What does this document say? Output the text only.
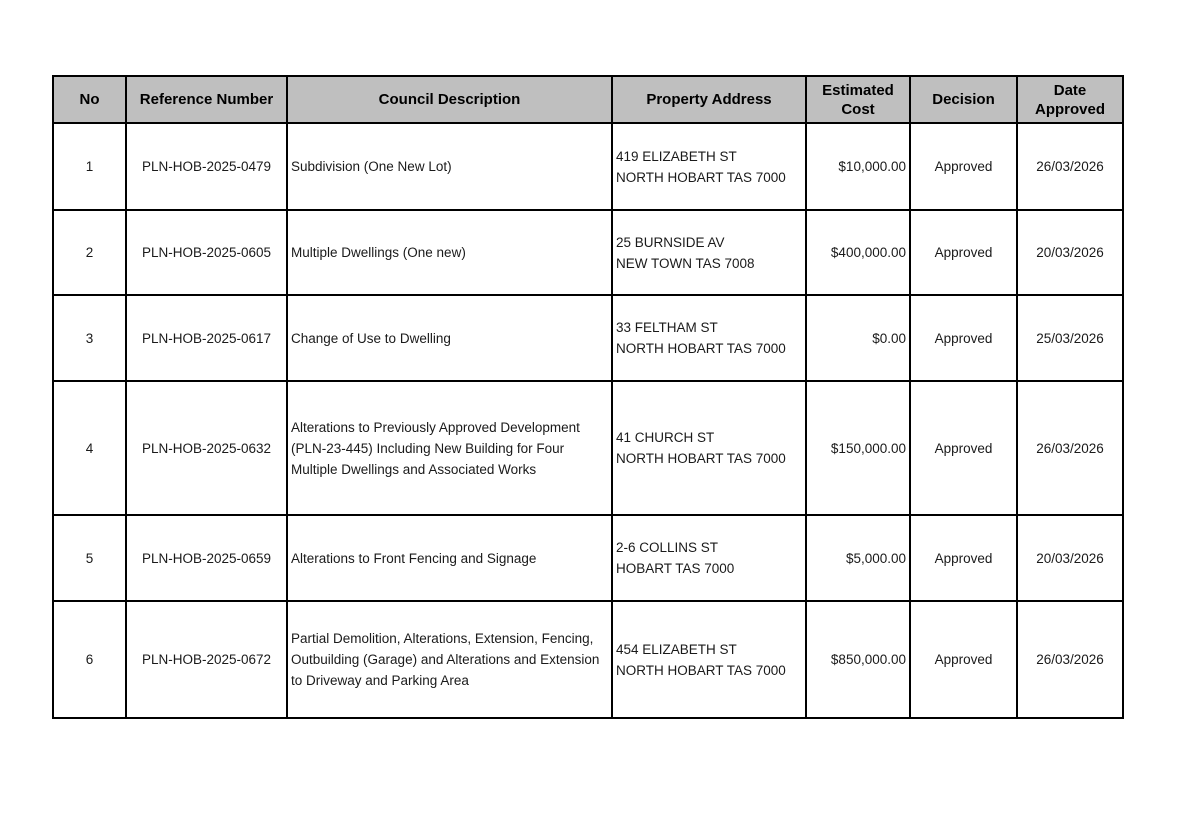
No	Reference Number	Council Description	Property Address	Estimated Cost	Decision	Date Approved
1	PLN-HOB-2025-0479	Subdivision (One New Lot)	419 ELIZABETH ST
NORTH HOBART TAS 7000	$10,000.00	Approved	26/03/2026
2	PLN-HOB-2025-0605	Multiple Dwellings (One new)	25 BURNSIDE AV
NEW TOWN TAS 7008	$400,000.00	Approved	20/03/2026
3	PLN-HOB-2025-0617	Change of Use to Dwelling	33 FELTHAM ST
NORTH HOBART TAS 7000	$0.00	Approved	25/03/2026
4	PLN-HOB-2025-0632	Alterations to Previously Approved Development (PLN-23-445) Including New Building for Four Multiple Dwellings and Associated Works	41 CHURCH ST
NORTH HOBART TAS 7000	$150,000.00	Approved	26/03/2026
5	PLN-HOB-2025-0659	Alterations to Front Fencing and Signage	2-6 COLLINS ST
HOBART TAS 7000	$5,000.00	Approved	20/03/2026
6	PLN-HOB-2025-0672	Partial Demolition, Alterations, Extension, Fencing, Outbuilding (Garage) and Alterations and Extension to Driveway and Parking Area	454 ELIZABETH ST
NORTH HOBART TAS 7000	$850,000.00	Approved	26/03/2026
